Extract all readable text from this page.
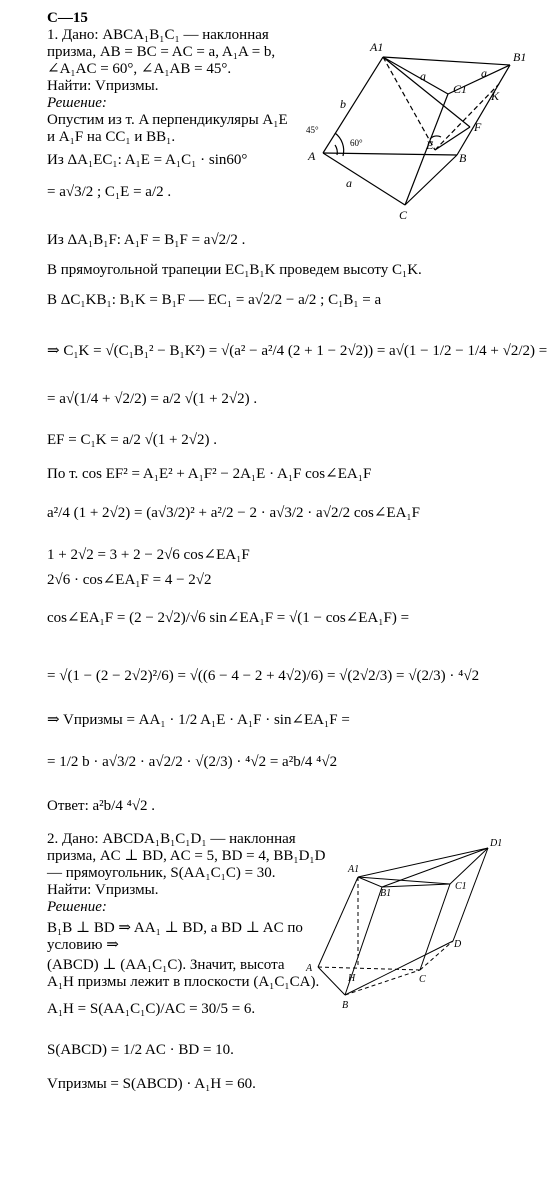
С—15
1. Дано: ABCA₁B₁C₁ — наклонная
призма, AB = BC = AC = a, A₁A = b,
∠A₁AC = 60°, ∠A₁AB = 45°.
Найти: Vпризмы.
Решение:
Опустим из т. A перпендикуляры A₁E
и A₁F на CC₁ и BB₁.
Из ΔA₁EC₁: A₁E = A₁C₁ · sin60°
= a√3/2 ; C₁E = a/2 .
Из ΔA₁B₁F: A₁F = B₁F = a√2/2 .
В прямоугольной трапеции EC₁B₁K проведем высоту C₁K.
В ΔC₁KB₁: B₁K = B₁F — EC₁ = a√2/2 − a/2 ; C₁B₁ = a
⇒ C₁K = √(C₁B₁² − B₁K²) = √(a² − a²/4 (2 + 1 − 2√2)) = a√(1 − 1/2 − 1/4 + √2/2) =
= a√(1/4 + √2/2) = a/2 √(1 + 2√2) .
EF = C₁K = a/2 √(1 + 2√2) .
По т. cos EF² = A₁E² + A₁F² − 2A₁E · A₁F cos∠EA₁F
a²/4 (1 + 2√2) = (a√3/2)² + a²/2 − 2 · a√3/2 · a√2/2 cos∠EA₁F
1 + 2√2 = 3 + 2 − 2√6 cos∠EA₁F
2√6 · cos∠EA₁F = 4 − 2√2
cos∠EA₁F = (2 − 2√2)/√6 sin∠EA₁F = √(1 − cos∠EA₁F) =
= √(1 − (2 − 2√2)²/6) = √((6 − 4 − 2 + 4√2)/6) = √(2√2/3) = √(2/3) · ⁴√2
⇒ Vпризмы = AA₁ · 1/2 A₁E · A₁F · sin∠EA₁F =
= 1/2 b · a√3/2 · a√2/2 · √(2/3) · ⁴√2 = a²b/4 ⁴√2
Ответ: a²b/4 ⁴√2 .
2. Дано: ABCDA₁B₁C₁D₁ — наклонная
призма, AC ⊥ BD, AC = 5, BD = 4, BB₁D₁D
— прямоугольник, S(AA₁C₁C) = 30.
Найти: Vпризмы.
Решение:
B₁B ⊥ BD ⇒ AA₁ ⊥ BD, а BD ⊥ AC по
условию ⇒
(ABCD) ⊥ (AA₁C₁C). Значит, высота
A₁H призмы лежит в плоскости (A₁C₁CA).
A₁H = S(AA₁C₁C)/AC = 30/5 = 6.
S(ABCD) = 1/2 AC · BD = 10.
Vпризмы = S(ABCD) · A₁H = 60.
A1
B1
C1
a	a
K
b
F
45°
60°	E
A	B
a
C
D1
A1
B1
C1
D
A
H	C
B
